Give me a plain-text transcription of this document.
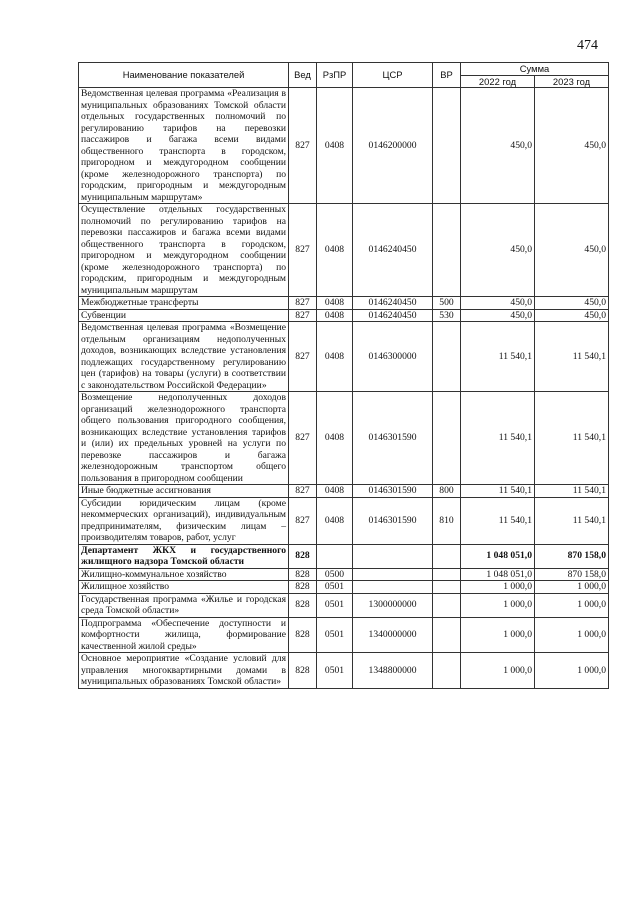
474
Наименование показателей	Вед	РзПР	ЦСР	ВР	Сумма	
					2022 год	2023 год
Ведомственная целевая программа «Реализация в муниципальных образованиях Томской области отдельных государственных полномочий по регулированию тарифов на перевозки пассажиров и багажа всеми видами общественного транспорта в городском, пригородном и междугородном сообщении (кроме железнодорожного транспорта) по городским, пригородным и междугородным муниципальным маршрутам»	827	0408	0146200000		450,0	450,0
Осуществление отдельных государственных полномочий по регулированию тарифов на перевозки пассажиров и багажа всеми видами общественного транспорта в городском, пригородном и междугородном сообщении (кроме железнодорожного транспорта) по городским, пригородным и междугородным муниципальным маршрутам	827	0408	0146240450		450,0	450,0
Межбюджетные трансферты	827	0408	0146240450	500	450,0	450,0
Субвенции	827	0408	0146240450	530	450,0	450,0
Ведомственная целевая программа «Возмещение отдельным организациям недополученных доходов, возникающих вследствие установления подлежащих государственному регулированию цен (тарифов) на товары (услуги) в соответствии с законодательством Российской Федерации»	827	0408	0146300000		11 540,1	11 540,1
Возмещение недополученных доходов организаций железнодорожного транспорта общего пользования пригородного сообщения, возникающих вследствие установления тарифов и (или) их предельных уровней на услуги по перевозке пассажиров и багажа железнодорожным транспортом общего пользования в пригородном сообщении	827	0408	0146301590		11 540,1	11 540,1
Иные бюджетные ассигнования	827	0408	0146301590	800	11 540,1	11 540,1
Субсидии юридическим лицам (кроме некоммерческих организаций), индивидуальным предпринимателям, физическим лицам – производителям товаров, работ, услуг	827	0408	0146301590	810	11 540,1	11 540,1
Департамент ЖКХ и государственного жилищного надзора Томской области	828				1 048 051,0	870 158,0
Жилищно-коммунальное хозяйство	828	0500			1 048 051,0	870 158,0
Жилищное хозяйство	828	0501			1 000,0	1 000,0
Государственная программа «Жилье и городская среда Томской области»	828	0501	1300000000		1 000,0	1 000,0
Подпрограмма «Обеспечение доступности и комфортности жилища, формирование качественной жилой среды»	828	0501	1340000000		1 000,0	1 000,0
Основное мероприятие «Создание условий для управления многоквартирными домами в муниципальных образованиях Томской области»	828	0501	1348800000		1 000,0	1 000,0
